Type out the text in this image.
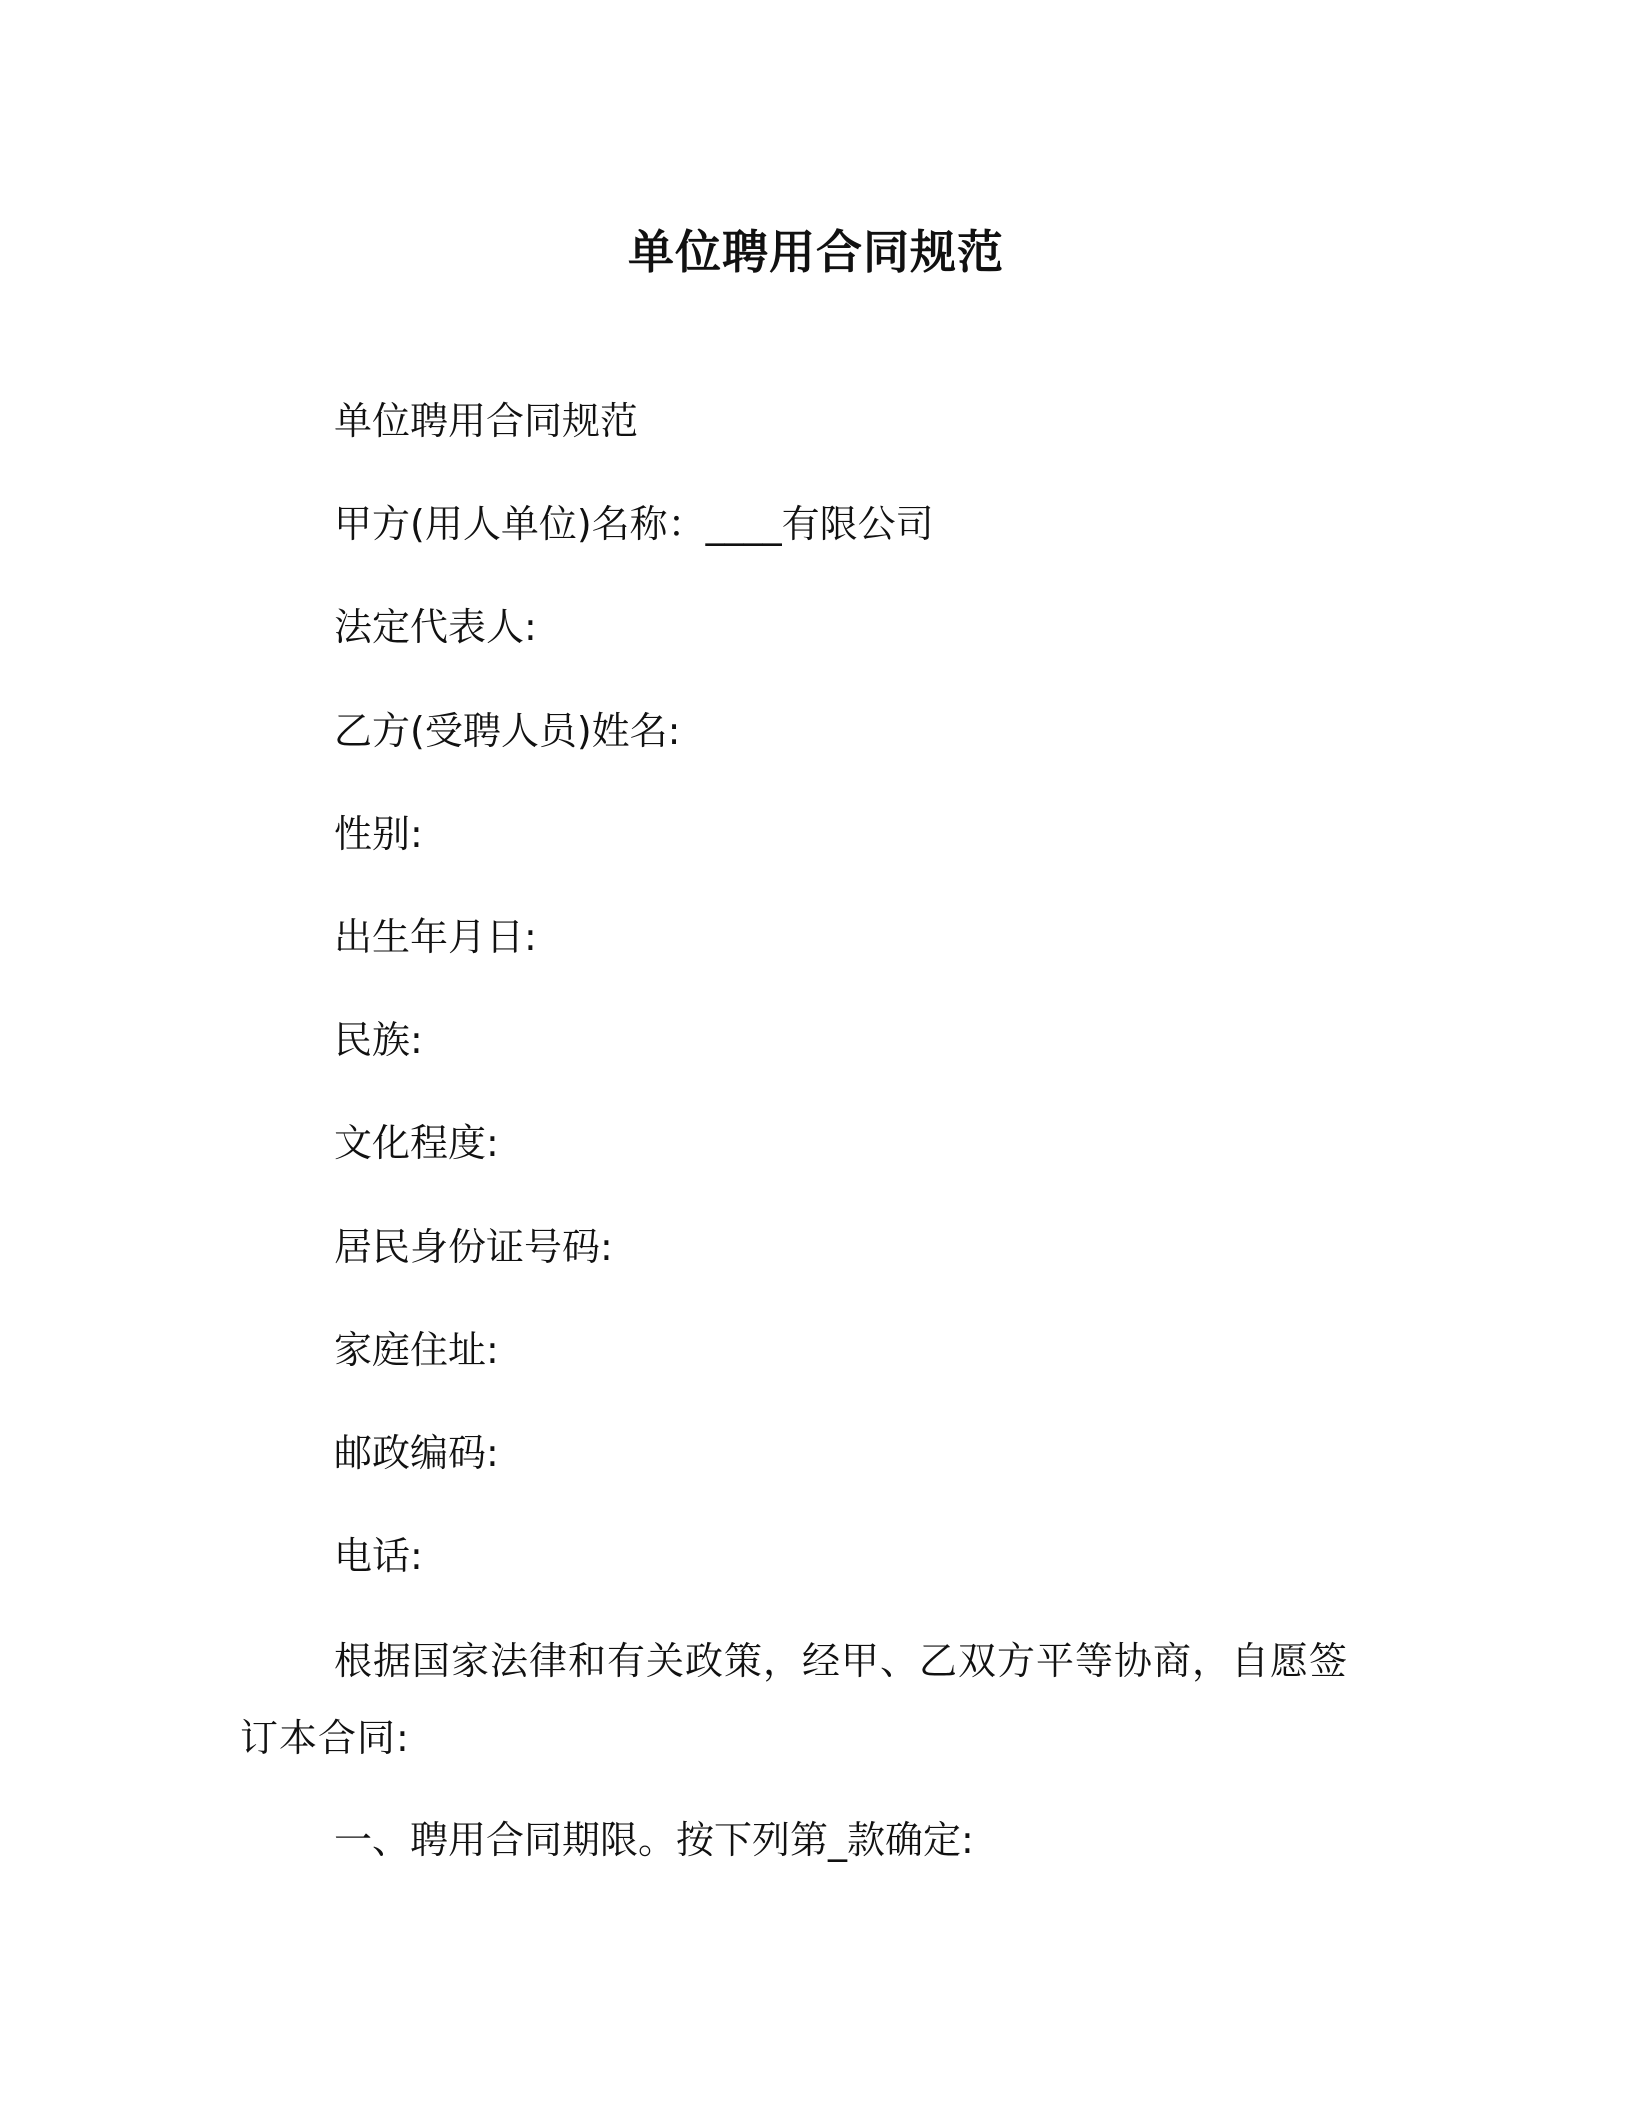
单位聘用合同规范
单位聘用合同规范
甲方(用人单位)名称：____有限公司
法定代表人:
乙方(受聘人员)姓名:
性别:
出生年月日:
民族:
文化程度:
居民身份证号码:
家庭住址:
邮政编码:
电话:
根据国家法律和有关政策，经甲、乙双方平等协商，自愿签订本合同:
一、聘用合同期限。按下列第_款确定:
